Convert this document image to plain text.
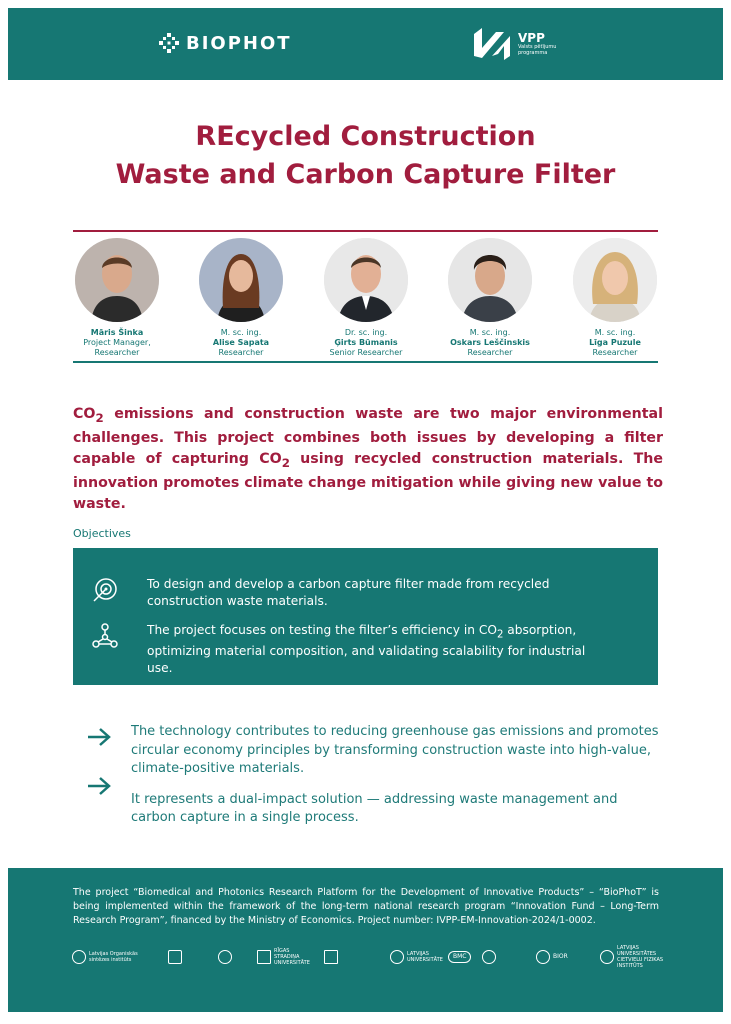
BIOPHOT	VPP
Valsts pētījumu
programma
REcycled Construction
Waste and Carbon Capture Filter
Māris Šinka
Project Manager,
Researcher
M. sc. ing.
Alise Sapata
Researcher
Dr. sc. ing.
Ģirts Būmanis
Senior Researcher
M. sc. ing.
Oskars Leščinskis
Researcher
M. sc. ing.
Līga Puzule
Researcher
$CO_2$ emissions and construction waste are two major environmental challenges. This project combines both issues by developing a filter capable of capturing $CO_2$ using recycled construction materials. The innovation promotes climate change mitigation while giving new value to waste.
Objectives
To design and develop a carbon capture filter made from recycled construction waste materials.
The project focuses on testing the filter’s efficiency in $CO_2$ absorption, optimizing material composition, and validating scalability for industrial use.
The technology contributes to reducing greenhouse gas emissions and promotes circular economy principles by transforming construction waste into high-value, climate-positive materials.
It represents a dual-impact solution — addressing waste management and carbon capture in a single process.
The project “Biomedical and Photonics Research Platform for the Development of Innovative Products” – “BioPhoT” is being implemented within the framework of the long-term national research program “Innovation Fund – Long-Term Research Program”, financed by the Ministry of Economics. Project number: IVPP-EM-Innovation-2024/1-0002.
Latvijas Organiskās sintēzes institūts
RĪGAS STRADIŅA UNIVERSITĀTE
LATVIJAS UNIVERSITĀTE	BMC	BIOR
LATVIJAS UNIVERSITĀTES CIETVIELU FIZIKAS INSTITŪTS
